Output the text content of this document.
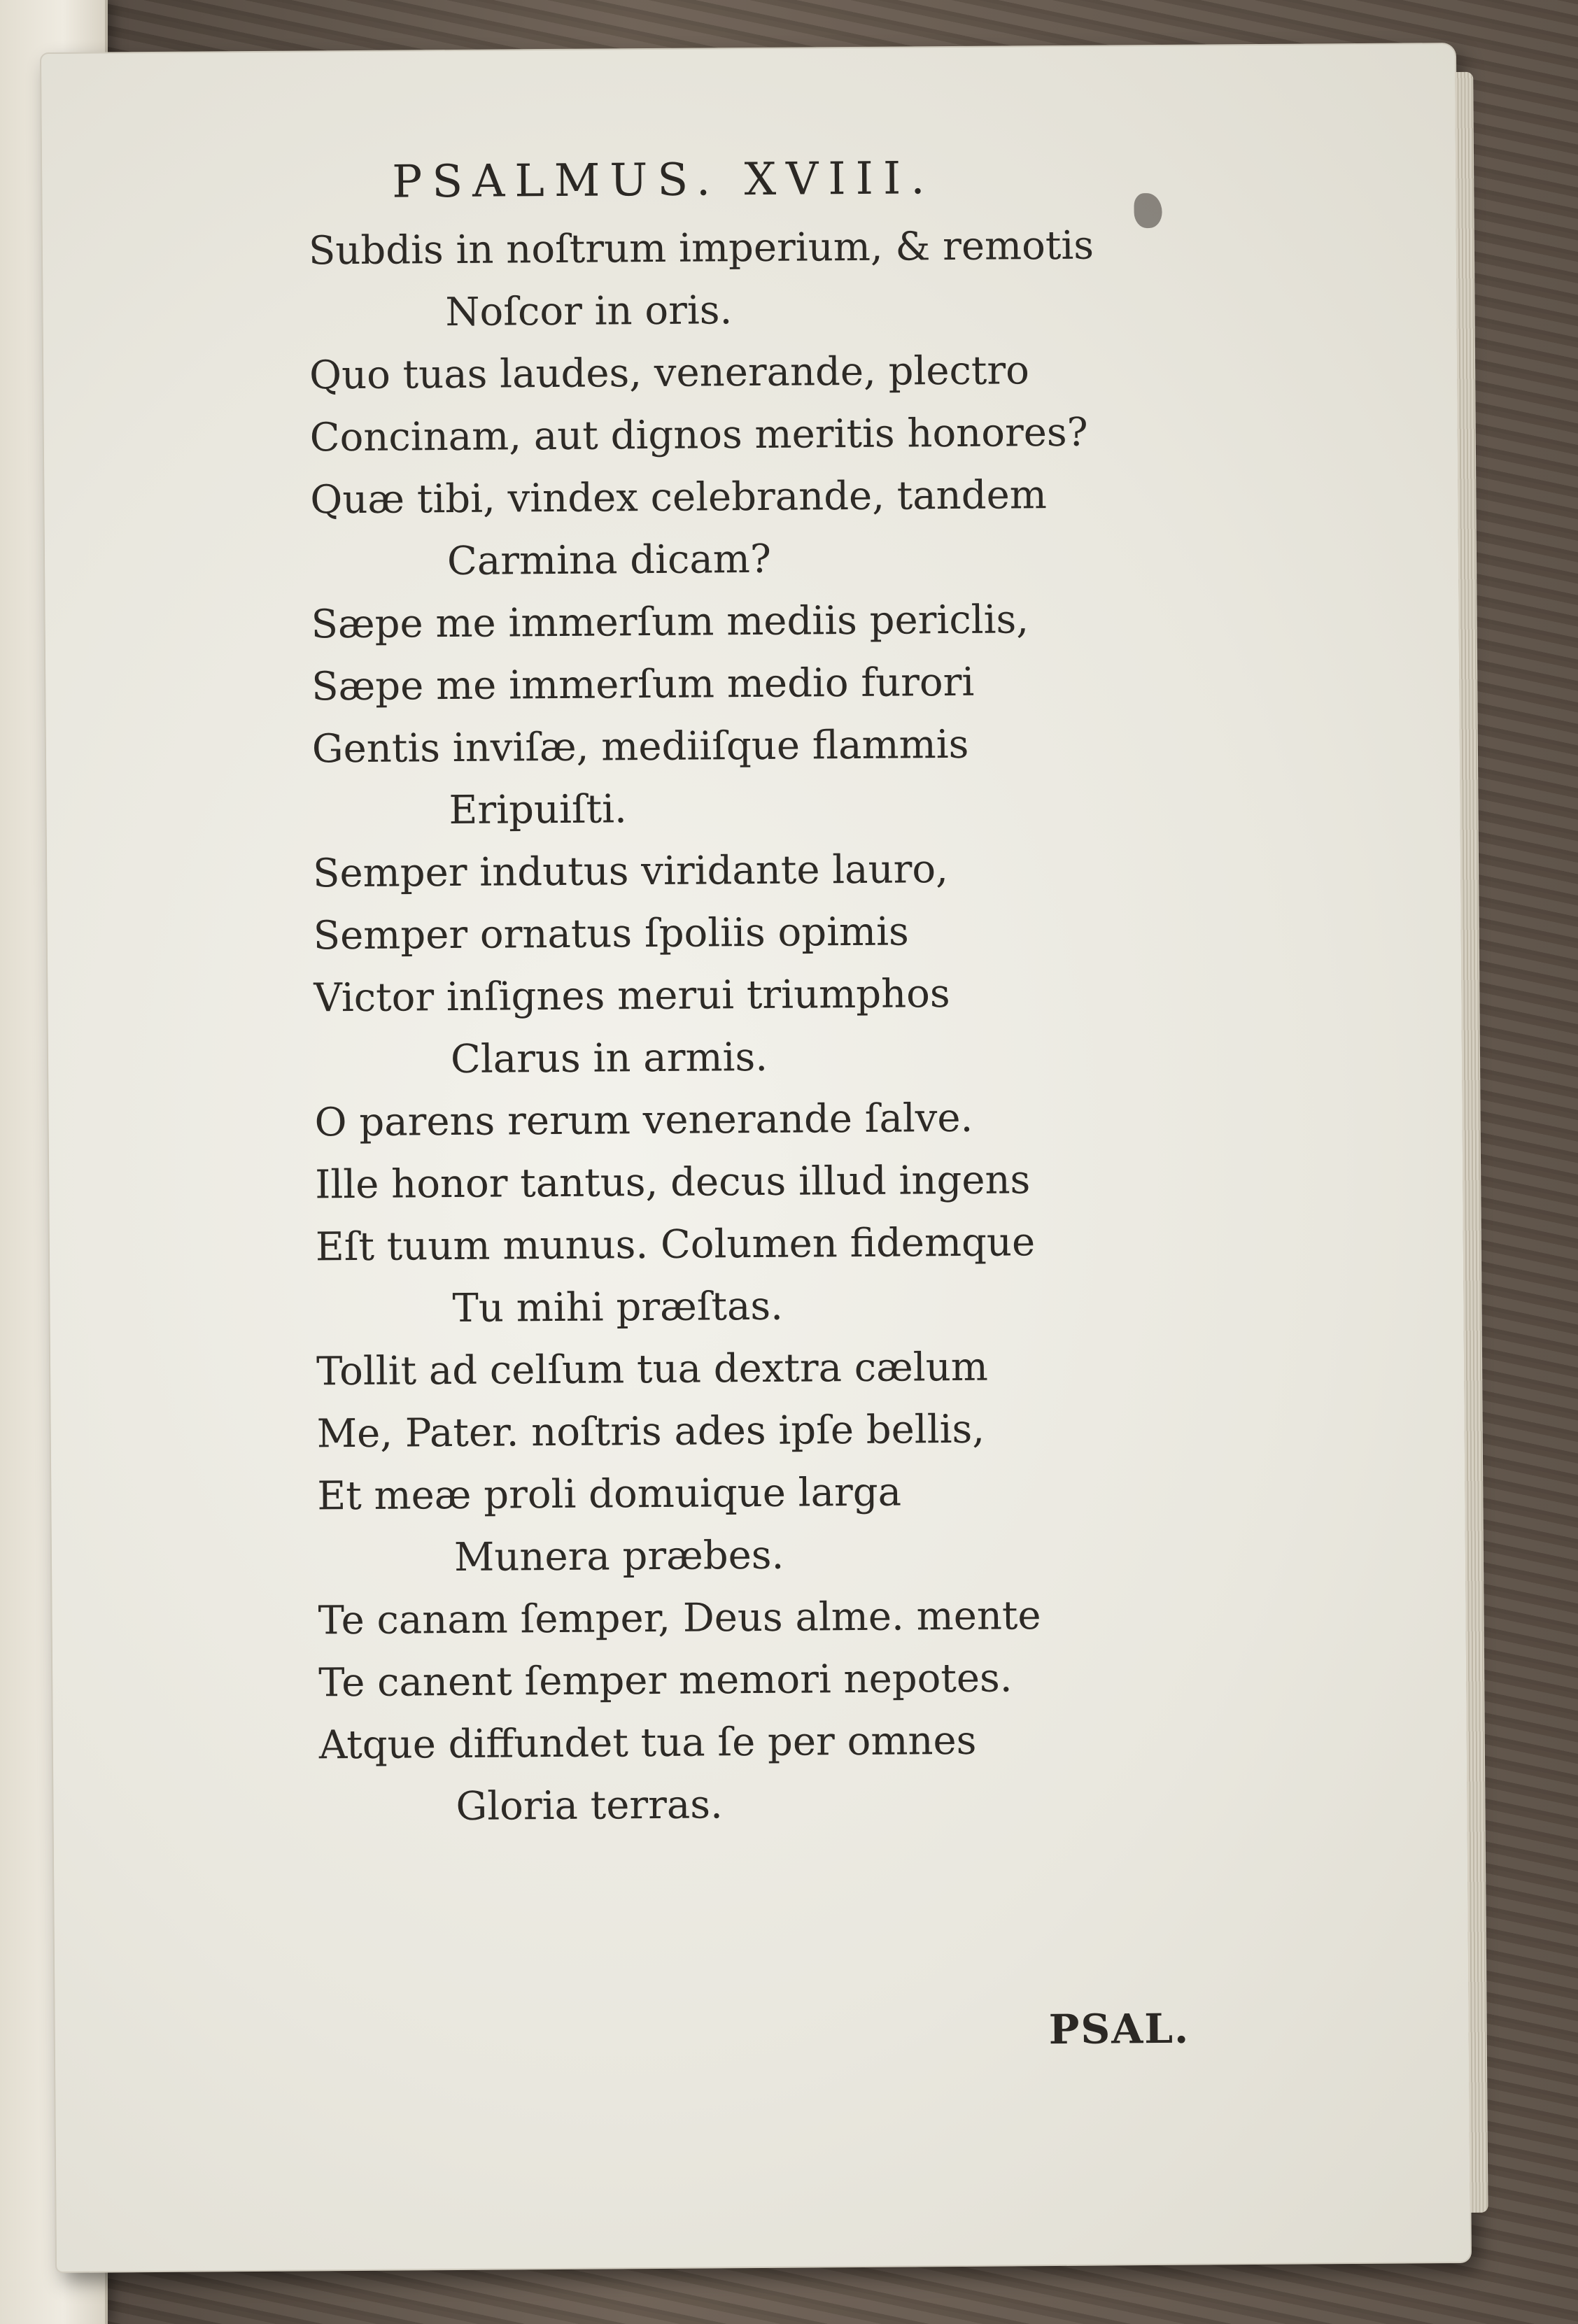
PSALMUS. XVIII.
Subdis in noſtrum imperium, & remotis
Noſcor in oris.
Quo tuas laudes, venerande, plectro
Concinam, aut dignos meritis honores?
Quæ tibi, vindex celebrande, tandem
Carmina dicam?
Sæpe me immerſum mediis periclis,
Sæpe me immerſum medio furori
Gentis inviſæ, mediiſque flammis
Eripuiſti.
Semper indutus viridante lauro,
Semper ornatus ſpoliis opimis
Victor inſignes merui triumphos
Clarus in armis.
O parens rerum venerande ſalve.
Ille honor tantus, decus illud ingens
Eſt tuum munus. Columen fidemque
Tu mihi præſtas.
Tollit ad celſum tua dextra cælum
Me, Pater. noſtris ades ipſe bellis,
Et meæ proli domuique larga
Munera præbes.
Te canam ſemper, Deus alme. mente
Te canent ſemper memori nepotes.
Atque diffundet tua ſe per omnes
Gloria terras.
PSAL.
